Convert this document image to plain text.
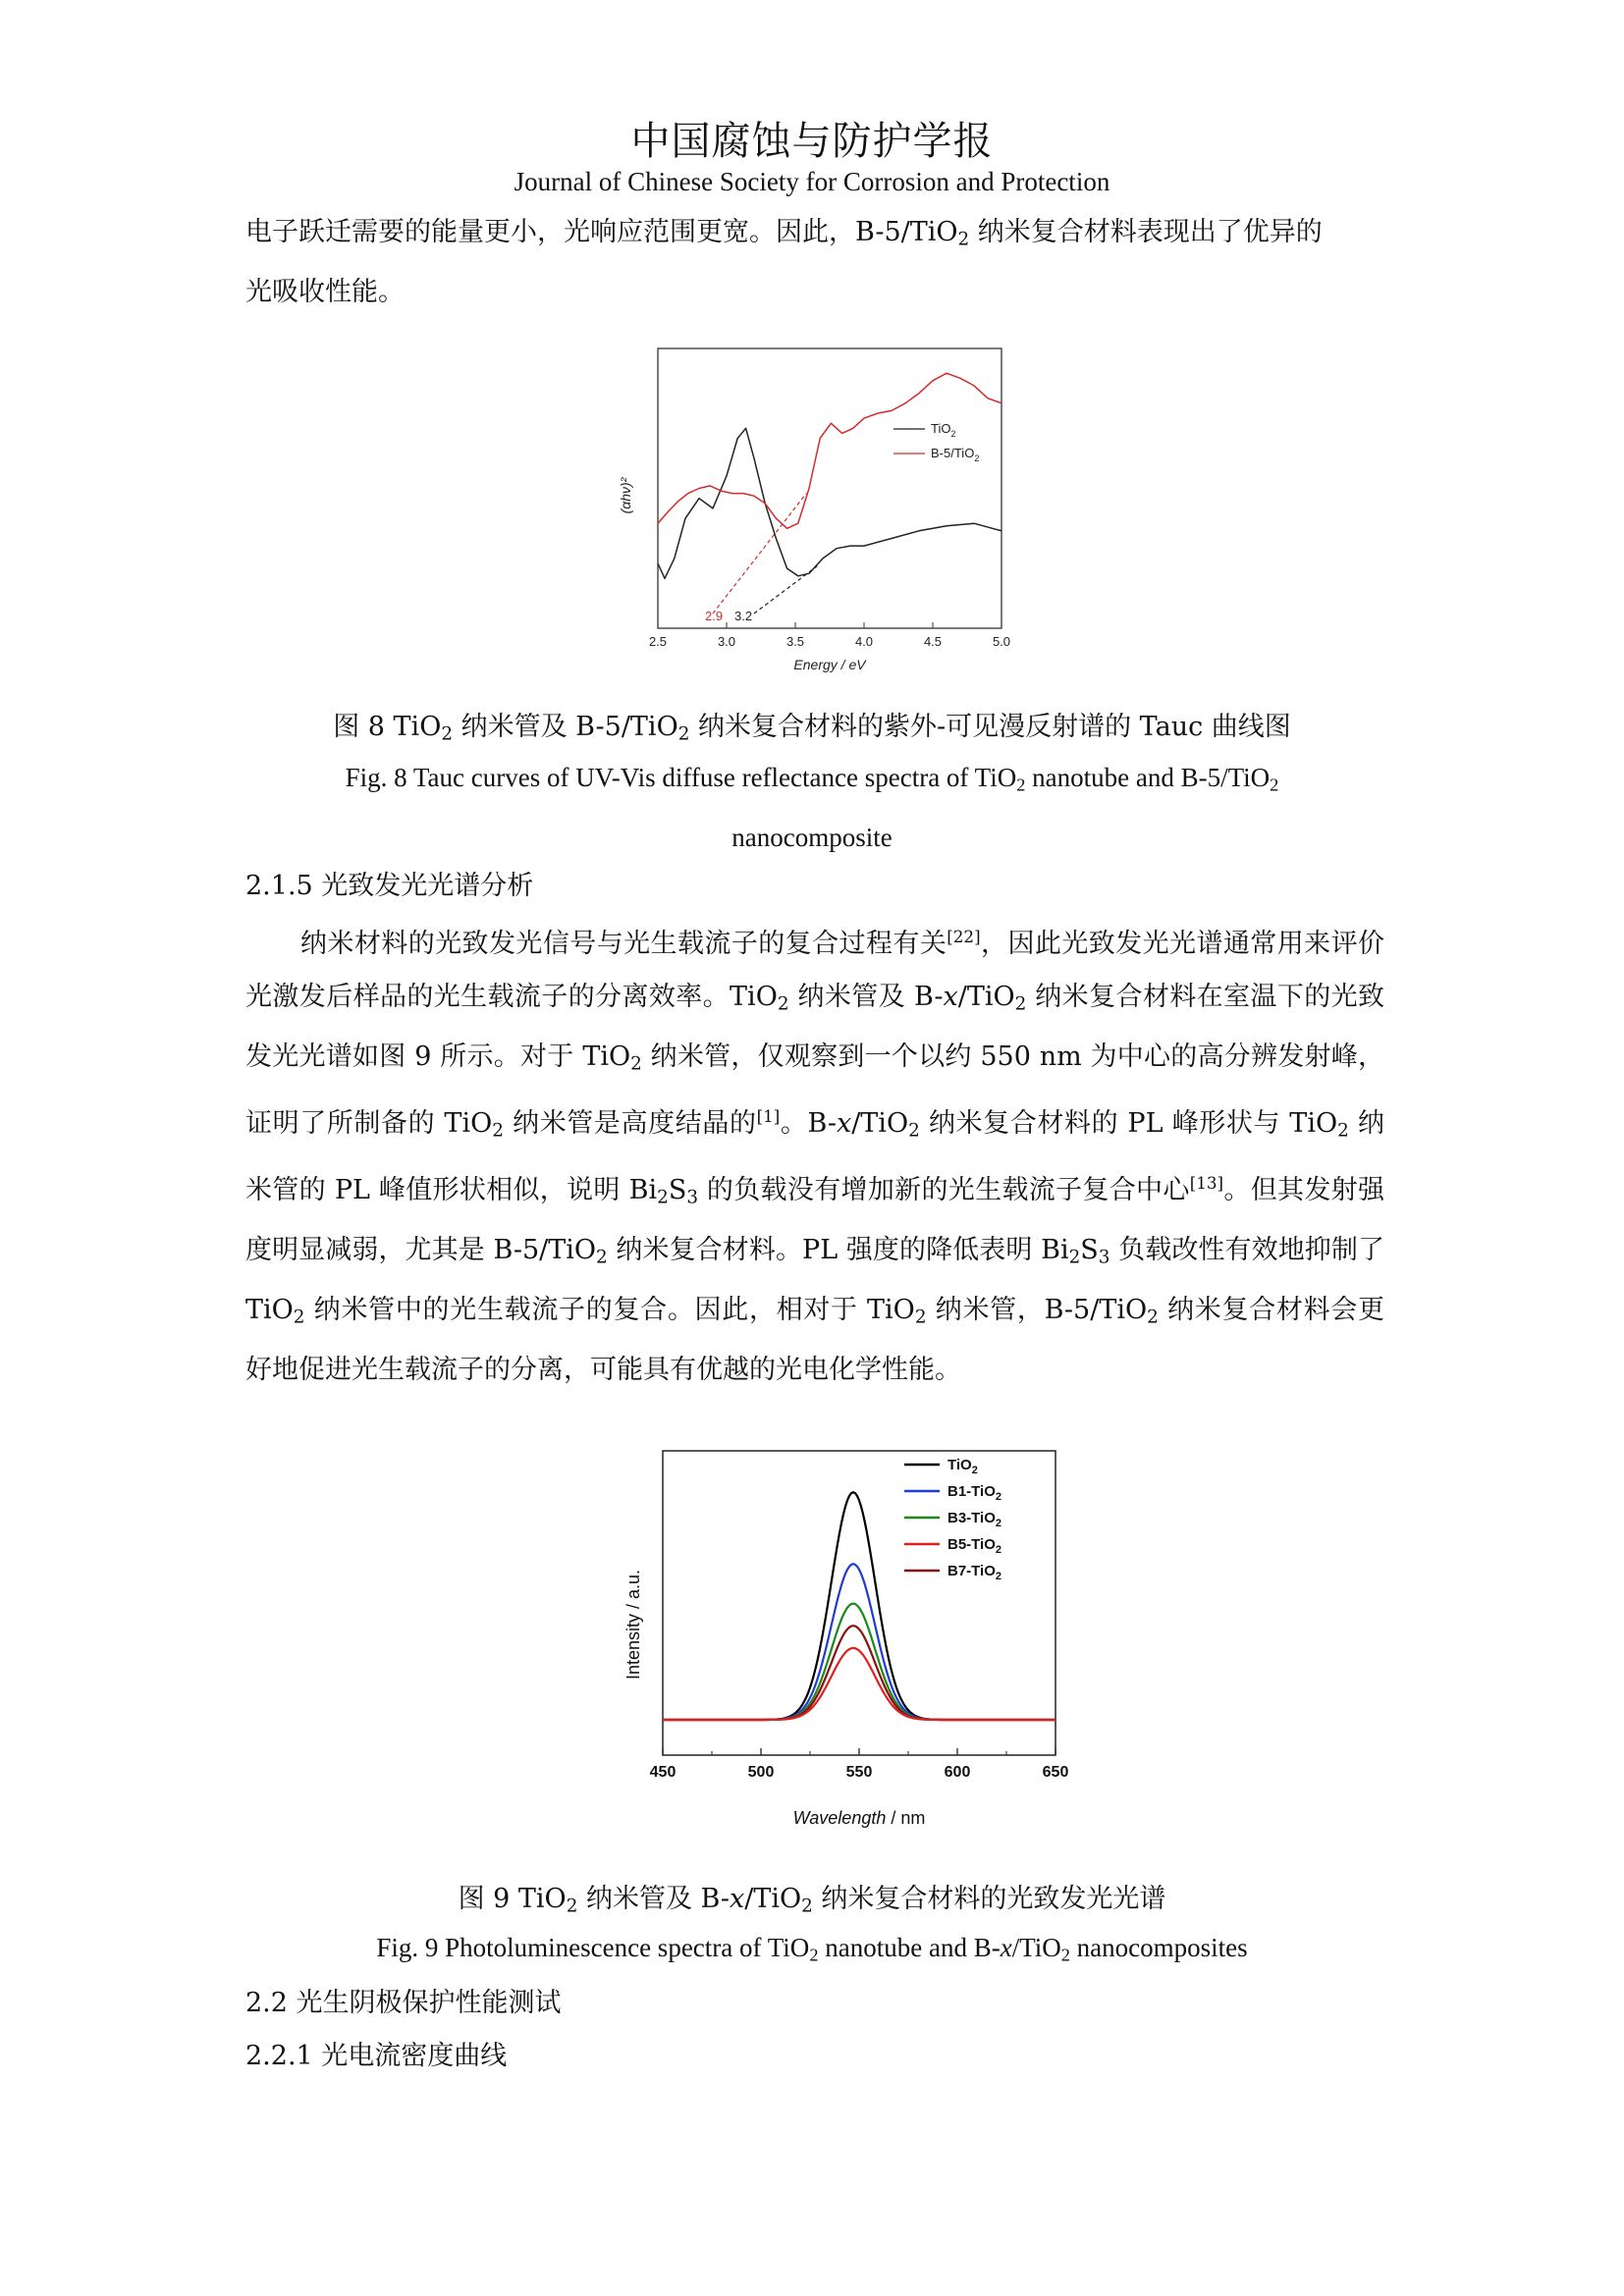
中国腐蚀与防护学报
Journal of Chinese Society for Corrosion and Protection

电子跃迁需要的能量更小，光响应范围更宽。因此，B-5/TiO$_2$ 纳米复合材料表现出了优异的
光吸收性能。

2.5	3.0	3.5	4.0	4.5	5.0
2.9 3.2
(αhν)²
Energy / eV
TiO$_2$
B-5/TiO$_2$
图 8 TiO$_2$ 纳米管及 B-5/TiO$_2$ 纳米复合材料的紫外-可见漫反射谱的 Tauc 曲线图
Fig. 8 Tauc curves of UV-Vis diffuse reflectance spectra of TiO$_2$ nanotube and B-5/TiO$_2$
nanocomposite
2.1.5 光致发光光谱分析

纳米材料的光致发光信号与光生载流子的复合过程有关[22]，因此光致发光光谱通常用来评价光激发后样品的光生载流子的分离效率。TiO$_2$ 纳米管及 B-x/TiO$_2$ 纳米复合材料在室温下的光致发光光谱如图 9 所示。对于 TiO$_2$ 纳米管，仅观察到一个以约 550 nm 为中心的高分辨发射峰，证明了所制备的 TiO$_2$ 纳米管是高度结晶的[1]。B-x/TiO$_2$ 纳米复合材料的 PL 峰形状与 TiO$_2$ 纳米管的 PL 峰值形状相似，说明 $Bi_2S_3$ 的负载没有增加新的光生载流子复合中心[13]。但其发射强度明显减弱，尤其是 B-5/TiO$_2$ 纳米复合材料。PL 强度的降低表明 $Bi_2S_3$ 负载改性有效地抑制了 TiO$_2$ 纳米管中的光生载流子的复合。因此，相对于 TiO$_2$ 纳米管，B-5/TiO$_2$ 纳米复合材料会更好地促进光生载流子的分离，可能具有优越的光电化学性能。

450	500	550	600	650
Intensity / a.u.
Wavelength / nm
TiO$_2$
B1-TiO$_2$
B3-TiO$_2$
B5-TiO$_2$
B7-TiO$_2$
图 9 TiO$_2$ 纳米管及 B-x/TiO$_2$ 纳米复合材料的光致发光光谱
Fig. 9 Photoluminescence spectra of TiO$_2$ nanotube and B-x/TiO$_2$ nanocomposites
2.2 光生阴极保护性能测试
2.2.1 光电流密度曲线
